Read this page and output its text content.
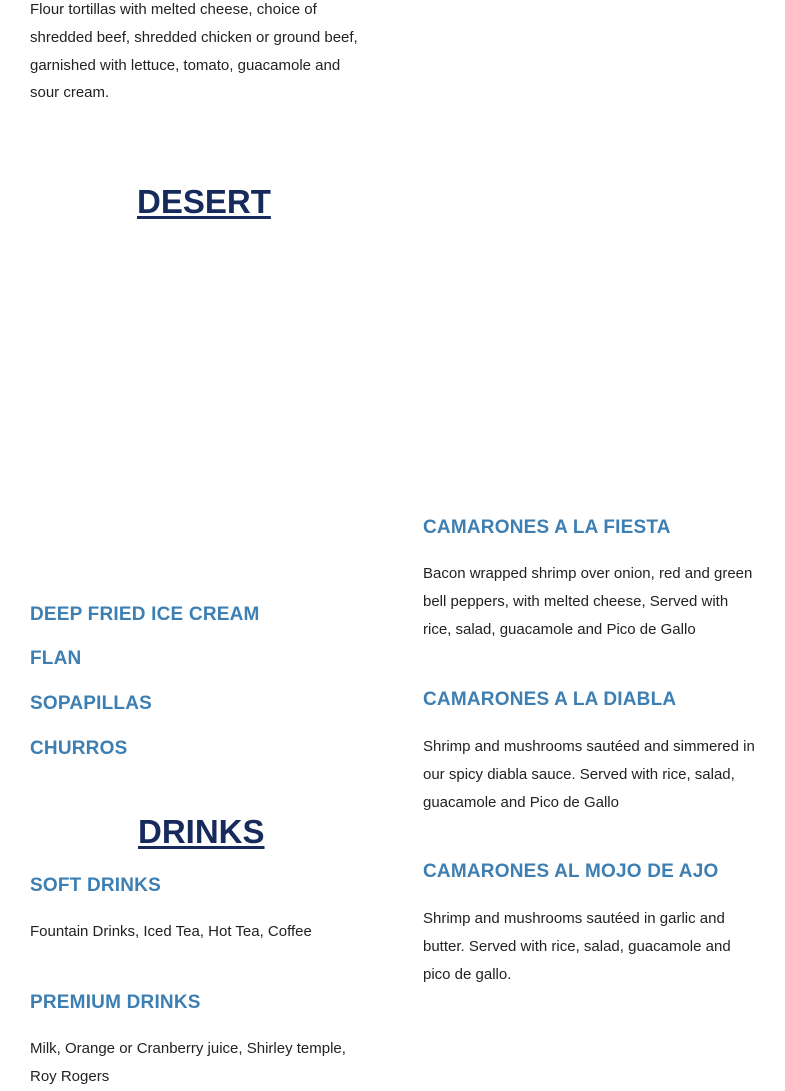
Flour tortillas with melted cheese, choice of shredded beef, shredded chicken or ground beef, garnished with lettuce, tomato, guacamole and sour cream.

DESERT
DEEP FRIED ICE CREAM
FLAN
SOPAPILLAS
CHURROS
DRINKS
SOFT DRINKS

Fountain Drinks, Iced Tea, Hot Tea, Coffee

PREMIUM DRINKS

Milk, Orange or Cranberry juice, Shirley temple, Roy Rogers

CAMARONES A LA FIESTA

Bacon wrapped shrimp over onion, red and green bell peppers, with melted cheese, Served with rice, salad, guacamole and Pico de Gallo

CAMARONES A LA DIABLA

Shrimp and mushrooms sautéed and simmered in our spicy diabla sauce. Served with rice, salad, guacamole and Pico de Gallo

CAMARONES AL MOJO DE AJO

Shrimp and mushrooms sautéed in garlic and butter. Served with rice, salad, guacamole and pico de gallo.
